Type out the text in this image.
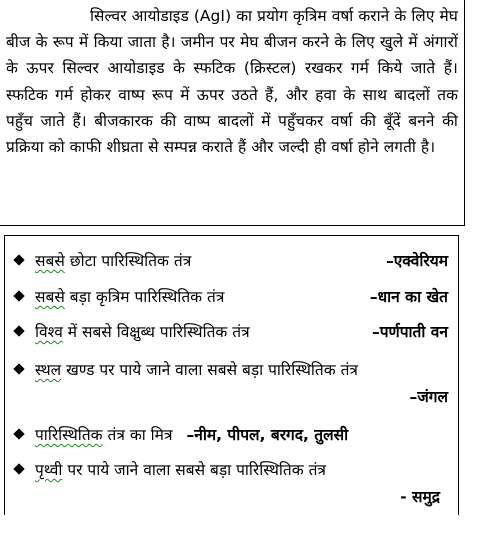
सिल्वर आयोडाइड (AgI) का प्रयोग कृत्रिम वर्षा कराने के लिए मेघ बीज के रूप में किया जाता है। जमीन पर मेघ बीजन करने के लिए खुले में अंगारों के ऊपर सिल्वर आयोडाइड के स्फटिक (क्रिस्टल) रखकर गर्म किये जाते हैं। स्फटिक गर्म होकर वाष्प रूप में ऊपर उठते हैं, और हवा के साथ बादलों तक पहुँच जाते हैं। बीजकारक की वाष्प बादलों में पहुँचकर वर्षा की बूँदें बनने की प्रक्रिया को काफी शीघ्रता से सम्पन्न कराते हैं और जल्दी ही वर्षा होने लगती है।

सबसे छोटा पारिस्थितिक तंत्र	–एक्वेरियम
सबसे बड़ा कृत्रिम पारिस्थितिक तंत्र	–धान का खेत
विश्व में सबसे विक्षुब्ध पारिस्थितिक तंत्र	–पर्णपाती वन
स्थल खण्ड पर पाये जाने वाला सबसे बड़ा पारिस्थितिक तंत्र
–जंगल
पारिस्थितिक तंत्र का मित्र –नीम, पीपल, बरगद, तुलसी
पृथ्वी पर पाये जाने वाला सबसे बड़ा पारिस्थितिक तंत्र
- समुद्र
